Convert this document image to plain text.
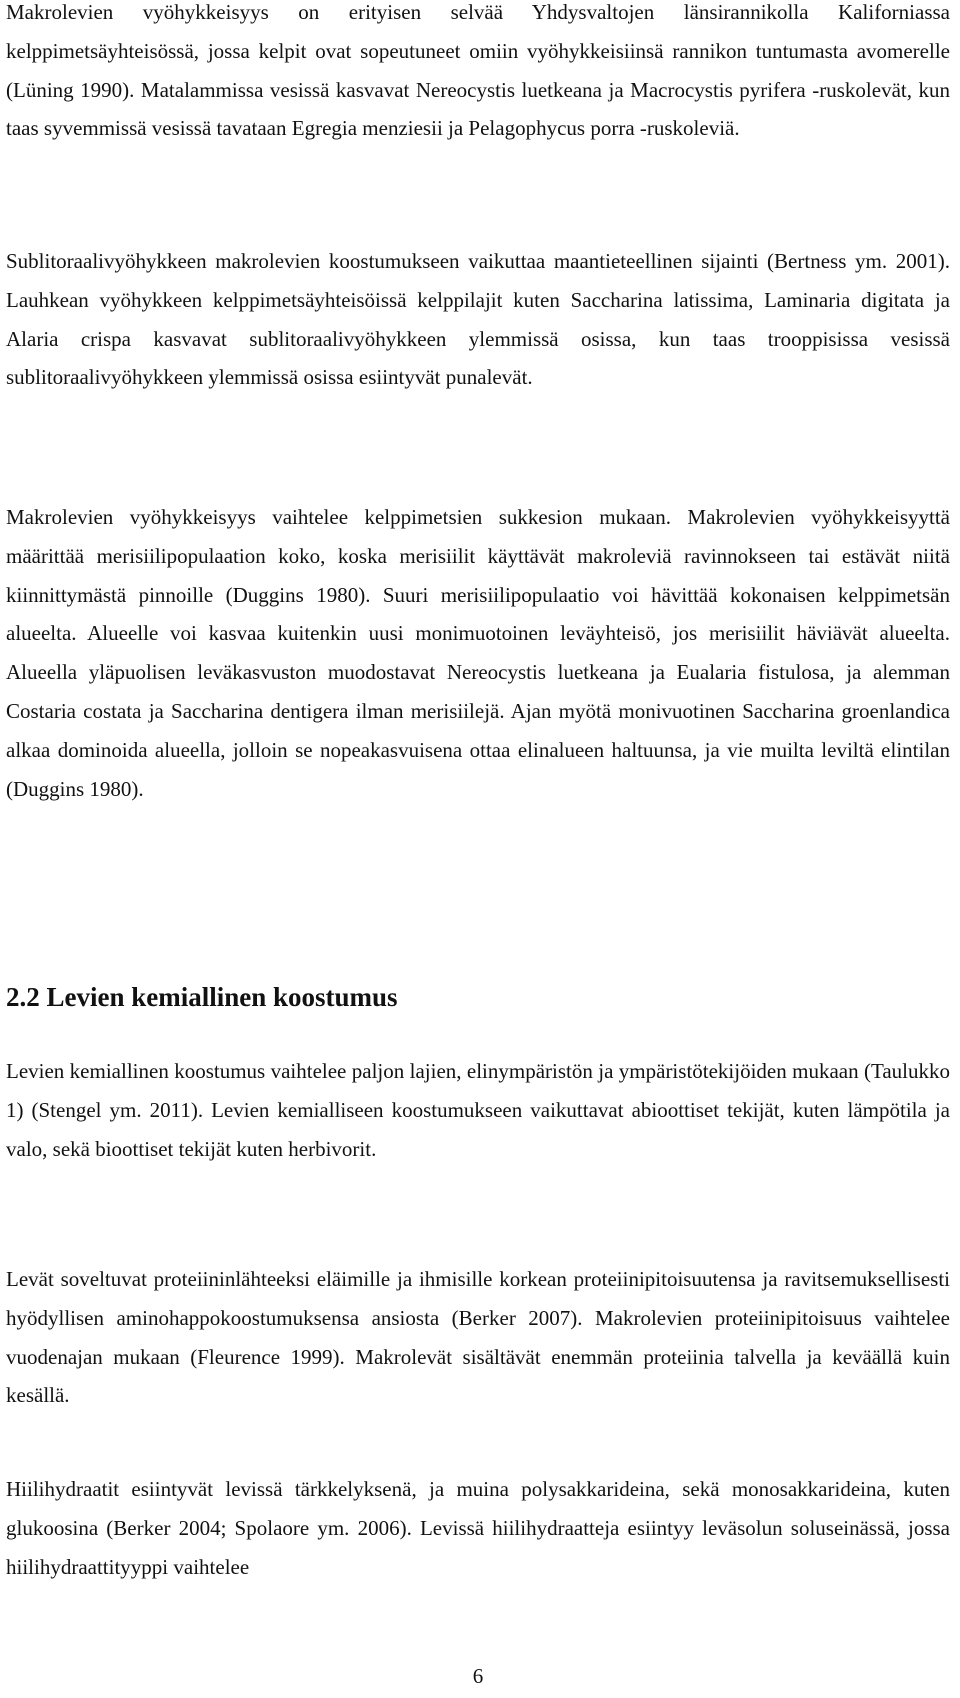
Makrolevien vyöhykkeisyys on erityisen selvää Yhdysvaltojen länsirannikolla Kaliforniassa kelppimetsäyhteisössä, jossa kelpit ovat sopeutuneet omiin vyöhykkeisiinsä rannikon tuntumasta avomerelle (Lüning 1990). Matalammissa vesissä kasvavat Nereocystis luetkeana ja Macrocystis pyrifera -ruskolevät, kun taas syvemmissä vesissä tavataan Egregia menziesii ja Pelagophycus porra -ruskoleviä.

Sublitoraalivyöhykkeen makrolevien koostumukseen vaikuttaa maantieteellinen sijainti (Bertness ym. 2001). Lauhkean vyöhykkeen kelppimetsäyhteisöissä kelppilajit kuten Saccharina latissima, Laminaria digitata ja Alaria crispa kasvavat sublitoraalivyöhykkeen ylemmissä osissa, kun taas trooppisissa vesissä sublitoraalivyöhykkeen ylemmissä osissa esiintyvät punalevät.

Makrolevien vyöhykkeisyys vaihtelee kelppimetsien sukkesion mukaan. Makrolevien vyöhykkeisyyttä määrittää merisiilipopulaation koko, koska merisiilit käyttävät makroleviä ravinnokseen tai estävät niitä kiinnittymästä pinnoille (Duggins 1980). Suuri merisiilipopulaatio voi hävittää kokonaisen kelppimetsän alueelta. Alueelle voi kasvaa kuitenkin uusi monimuotoinen leväyhteisö, jos merisiilit häviävät alueelta. Alueella yläpuolisen leväkasvuston muodostavat Nereocystis luetkeana ja Eualaria fistulosa, ja alemman Costaria costata ja Saccharina dentigera ilman merisiilejä. Ajan myötä monivuotinen Saccharina groenlandica alkaa dominoida alueella, jolloin se nopeakasvuisena ottaa elinalueen haltuunsa, ja vie muilta leviltä elintilan (Duggins 1980).

2.2 Levien kemiallinen koostumus

Levien kemiallinen koostumus vaihtelee paljon lajien, elinympäristön ja ympäristötekijöiden mukaan (Taulukko 1) (Stengel ym. 2011). Levien kemialliseen koostumukseen vaikuttavat abioottiset tekijät, kuten lämpötila ja valo, sekä bioottiset tekijät kuten herbivorit.

Levät soveltuvat proteiininlähteeksi eläimille ja ihmisille korkean proteiinipitoisuutensa ja ravitsemuksellisesti hyödyllisen aminohappokoostumuksensa ansiosta (Berker 2007). Makrolevien proteiinipitoisuus vaihtelee vuodenajan mukaan (Fleurence 1999). Makrolevät sisältävät enemmän proteiinia talvella ja keväällä kuin kesällä.

Hiilihydraatit esiintyvät levissä tärkkelyksenä, ja muina polysakkarideina, sekä monosakkarideina, kuten glukoosina (Berker 2004; Spolaore ym. 2006). Levissä hiilihydraatteja esiintyy leväsolun soluseinässä, jossa hiilihydraattityyppi vaihtelee

6
